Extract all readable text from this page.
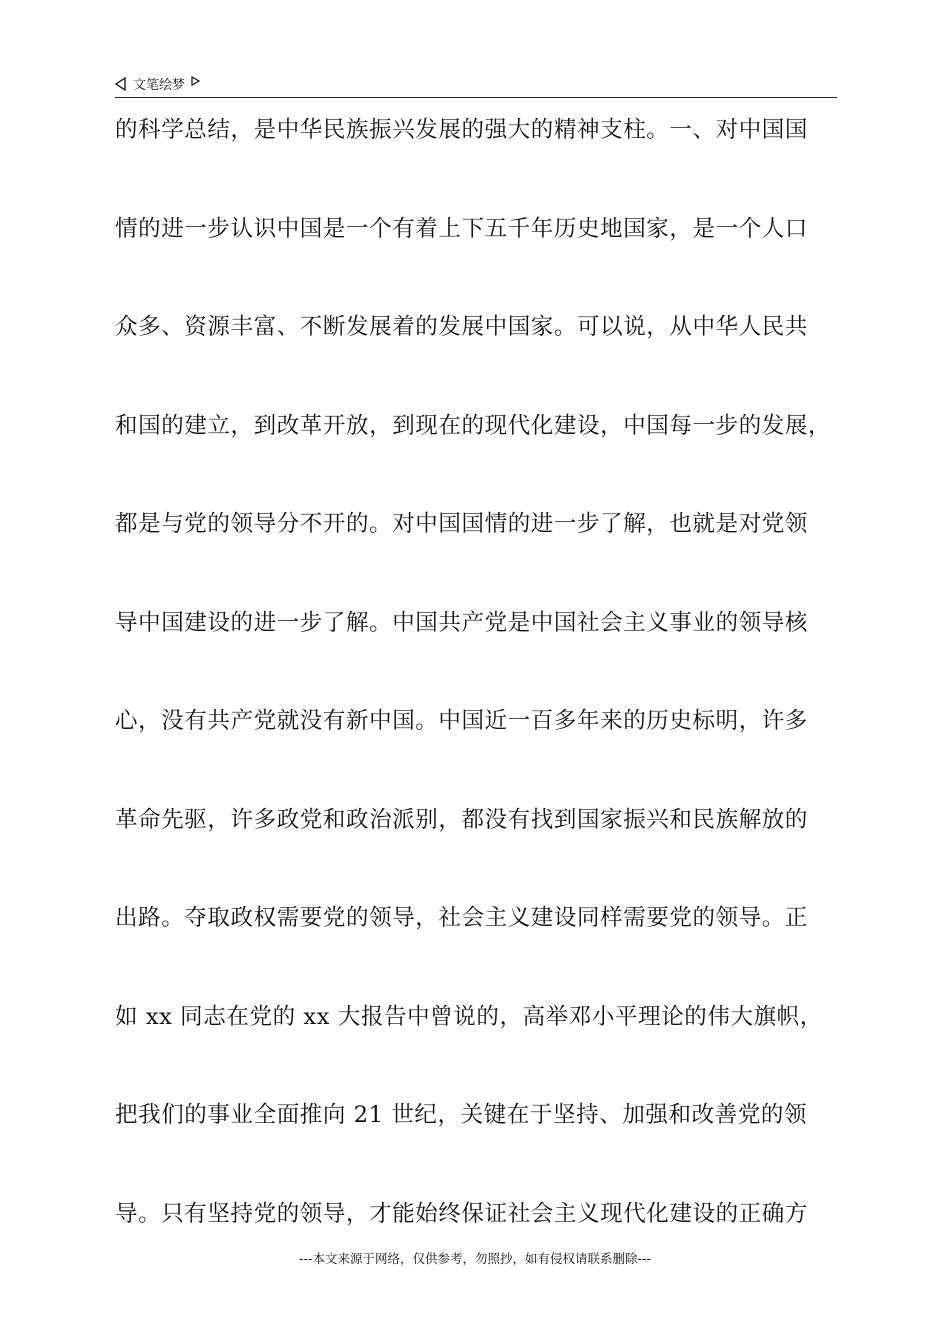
文笔绘梦
的科学总结，是中华民族振兴发展的强大的精神支柱。一、对中国国
情的进一步认识中国是一个有着上下五千年历史地国家，是一个人口
众多、资源丰富、不断发展着的发展中国家。可以说，从中华人民共
和国的建立，到改革开放，到现在的现代化建设，中国每一步的发展，
都是与党的领导分不开的。对中国国情的进一步了解，也就是对党领
导中国建设的进一步了解。中国共产党是中国社会主义事业的领导核
心，没有共产党就没有新中国。中国近一百多年来的历史标明，许多
革命先驱，许多政党和政治派别，都没有找到国家振兴和民族解放的
出路。夺取政权需要党的领导，社会主义建设同样需要党的领导。正
如 xx 同志在党的 xx 大报告中曾说的，高举邓小平理论的伟大旗帜，
把我们的事业全面推向 21 世纪，关键在于坚持、加强和改善党的领
导。只有坚持党的领导，才能始终保证社会主义现代化建设的正确方
---本文来源于网络，仅供参考，勿照抄，如有侵权请联系删除---
